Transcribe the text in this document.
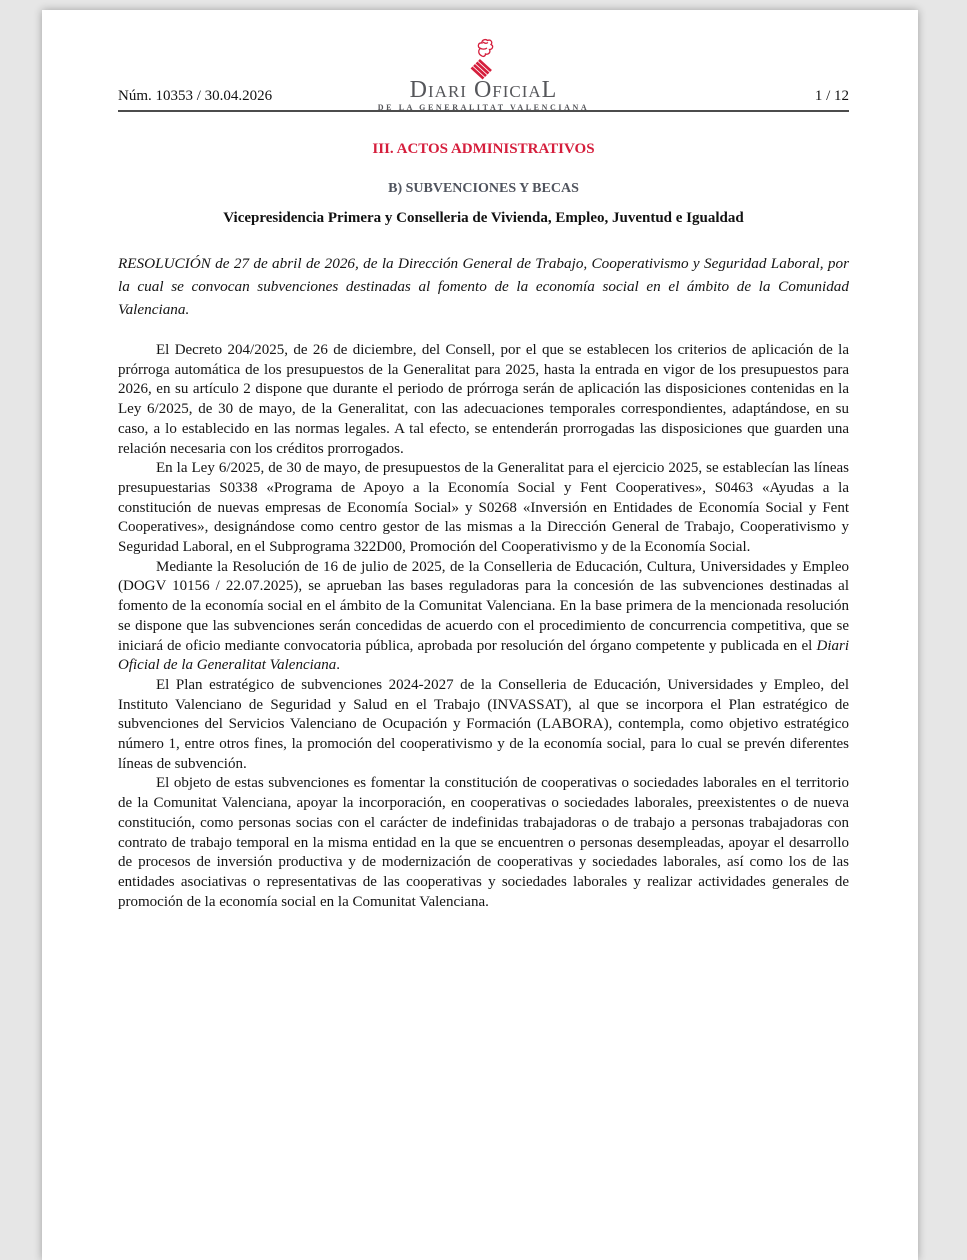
Diari OficiaL
DE LA GENERALITAT VALENCIANA
Núm. 10353 / 30.04.2026	1 / 12
III. ACTOS ADMINISTRATIVOS
B) SUBVENCIONES Y BECAS
Vicepresidencia Primera y Conselleria de Vivienda, Empleo, Juventud e Igualdad

RESOLUCIÓN de 27 de abril de 2026, de la Dirección General de Trabajo, Cooperativismo y Seguridad Laboral, por la cual se convocan subvenciones destinadas al fomento de la economía social en el ámbito de la Comunidad Valenciana.

El Decreto 204/2025, de 26 de diciembre, del Consell, por el que se establecen los criterios de aplicación de la prórroga automática de los presupuestos de la Generalitat para 2025, hasta la entrada en vigor de los presupuestos para 2026, en su artículo 2 dispone que durante el periodo de prórroga serán de aplicación las disposiciones contenidas en la Ley 6/2025, de 30 de mayo, de la Generalitat, con las adecuaciones temporales correspondientes, adaptándose, en su caso, a lo establecido en las normas legales. A tal efecto, se entenderán prorrogadas las disposiciones que guarden una relación necesaria con los créditos prorrogados.

En la Ley 6/2025, de 30 de mayo, de presupuestos de la Generalitat para el ejercicio 2025, se establecían las líneas presupuestarias S0338 «Programa de Apoyo a la Economía Social y Fent Cooperatives», S0463 «Ayudas a la constitución de nuevas empresas de Economía Social» y S0268 «Inversión en Entidades de Economía Social y Fent Cooperatives», designándose como centro gestor de las mismas a la Dirección General de Trabajo, Cooperativismo y Seguridad Laboral, en el Subprograma 322D00, Promoción del Cooperativismo y de la Economía Social.

Mediante la Resolución de 16 de julio de 2025, de la Conselleria de Educación, Cultura, Universidades y Empleo (DOGV 10156 / 22.07.2025), se aprueban las bases reguladoras para la concesión de las subvenciones destinadas al fomento de la economía social en el ámbito de la Comunitat Valenciana. En la base primera de la mencionada resolución se dispone que las subvenciones serán concedidas de acuerdo con el procedimiento de concurrencia competitiva, que se iniciará de oficio mediante convocatoria pública, aprobada por resolución del órgano competente y publicada en el Diari Oficial de la Generalitat Valenciana.

El Plan estratégico de subvenciones 2024-2027 de la Conselleria de Educación, Universidades y Empleo, del Instituto Valenciano de Seguridad y Salud en el Trabajo (INVASSAT), al que se incorpora el Plan estratégico de subvenciones del Servicios Valenciano de Ocupación y Formación (LABORA), contempla, como objetivo estratégico número 1, entre otros fines, la promoción del cooperativismo y de la economía social, para lo cual se prevén diferentes líneas de subvención.

El objeto de estas subvenciones es fomentar la constitución de cooperativas o sociedades laborales en el territorio de la Comunitat Valenciana, apoyar la incorporación, en cooperativas o sociedades laborales, preexistentes o de nueva constitución, como personas socias con el carácter de indefinidas trabajadoras o de trabajo a personas trabajadoras con contrato de trabajo temporal en la misma entidad en la que se encuentren o personas desempleadas, apoyar el desarrollo de procesos de inversión productiva y de modernización de cooperativas y sociedades laborales, así como los de las entidades asociativas o representativas de las cooperativas y sociedades laborales y realizar actividades generales de promoción de la economía social en la Comunitat Valenciana.
